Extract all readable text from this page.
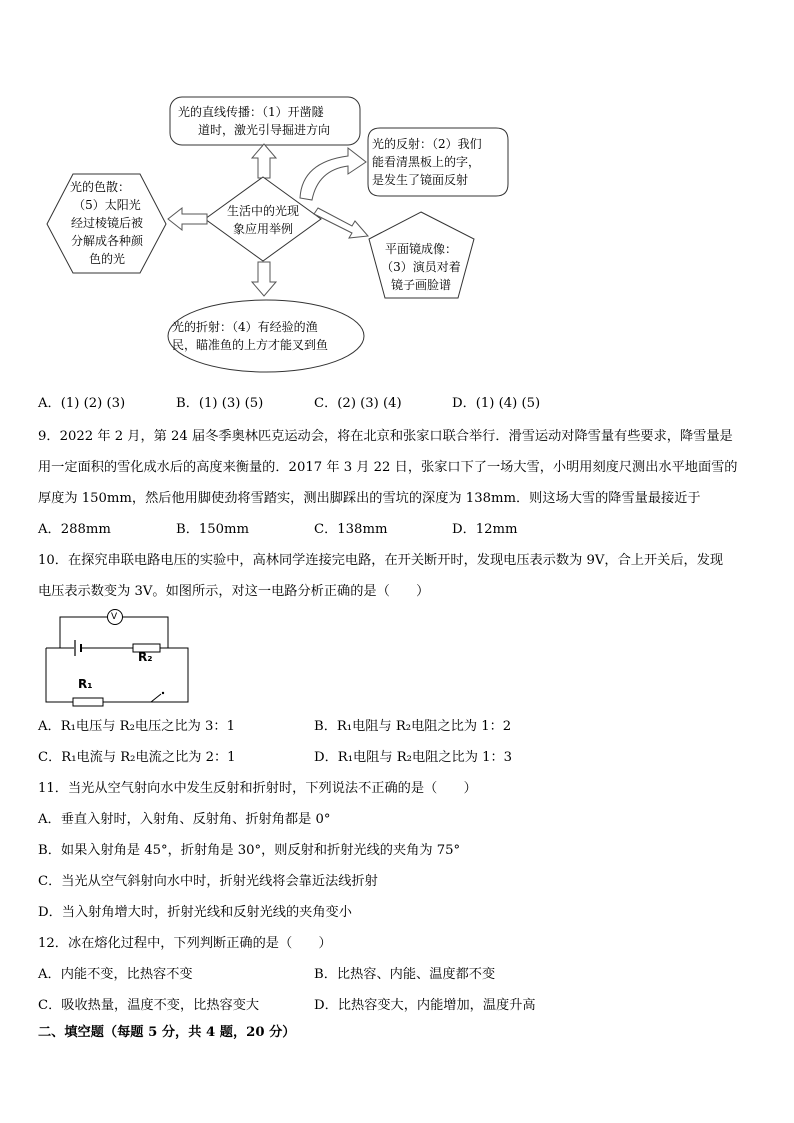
生活中的光现
象应用举例
光的直线传播：（1）开凿隧
道时，激光引导掘进方向
光的反射：（2）我们
能看清黑板上的字，
是发生了镜面反射
光的色散：
（5）太阳光
经过棱镜后被
分解成各种颜
色的光
平面镜成像：
（3）演员对着
镜子画脸谱
光的折射：（4）有经验的渔
民，瞄准鱼的上方才能叉到鱼
A．(1) (2) (3)	B．(1) (3) (5)	C．(2) (3) (4)	D．(1) (4) (5)
9．2022 年 2 月，第 24 届冬季奥林匹克运动会，将在北京和张家口联合举行．滑雪运动对降雪量有些要求，降雪量是
用一定面积的雪化成水后的高度来衡量的．2017 年 3 月 22 日，张家口下了一场大雪，小明用刻度尺测出水平地面雪的
厚度为 150mm，然后他用脚使劲将雪踏实，测出脚踩出的雪坑的深度为 138mm．则这场大雪的降雪量最接近于
A．288mm	B．150mm	C．138mm	D．12mm
10．在探究串联电路电压的实验中，高林同学连接完电路，在开关断开时，发现电压表示数为 9V，合上开关后，发现
电压表示数变为 3V。如图所示，对这一电路分析正确的是（　　）
V
R₂
R₁
A．R₁电压与 R₂电压之比为 3：1	B．R₁电阻与 R₂电阻之比为 1：2
C．R₁电流与 R₂电流之比为 2：1	D．R₁电阻与 R₂电阻之比为 1：3
11．当光从空气射向水中发生反射和折射时，下列说法不正确的是（　　）
A．垂直入射时，入射角、反射角、折射角都是 0°
B．如果入射角是 45°，折射角是 30°，则反射和折射光线的夹角为 75°
C．当光从空气斜射向水中时，折射光线将会靠近法线折射
D．当入射角增大时，折射光线和反射光线的夹角变小
12．冰在熔化过程中，下列判断正确的是（　　）
A．内能不变，比热容不变	B．比热容、内能、温度都不变
C．吸收热量，温度不变，比热容变大	D．比热容变大，内能增加，温度升高
二、填空题（每题 5 分，共 4 题，20 分）
